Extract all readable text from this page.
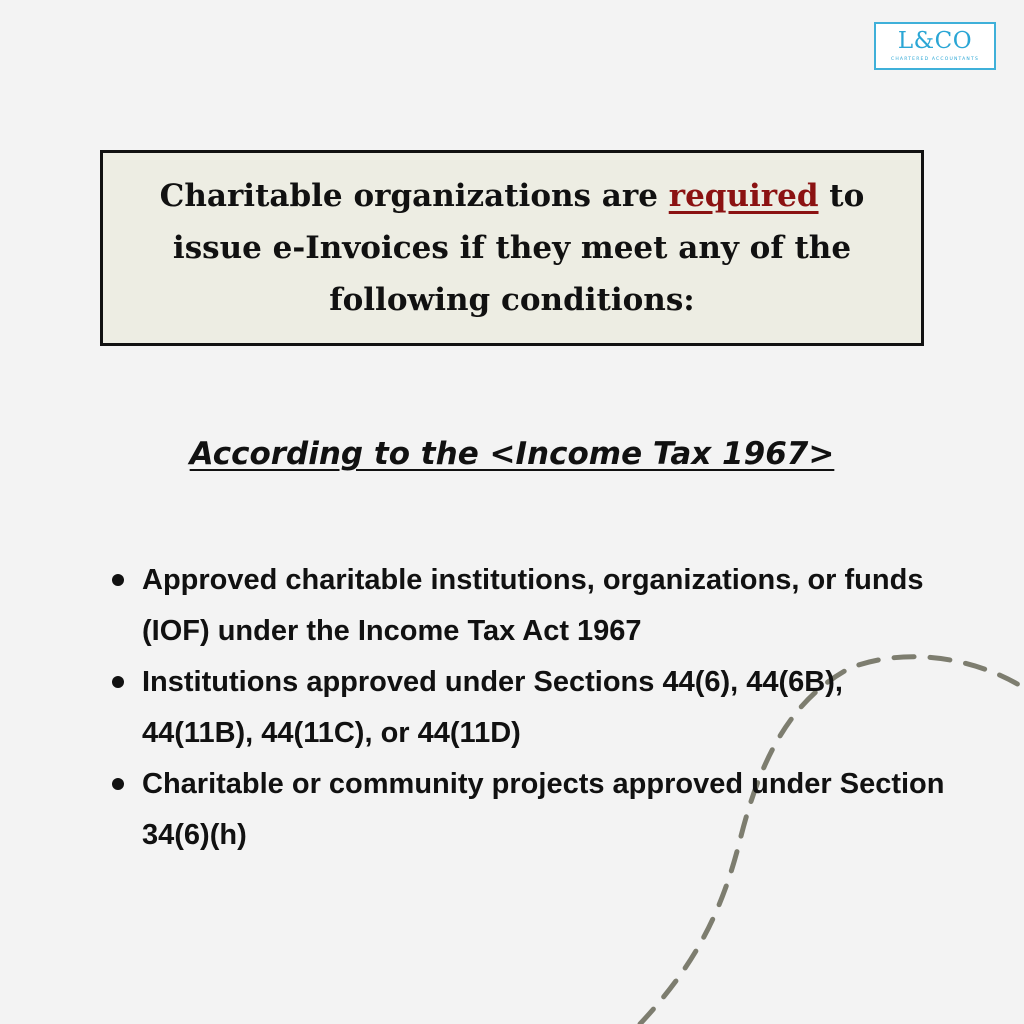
L&CO
CHARTERED ACCOUNTANTS

Charitable organizations are required to issue e-Invoices if they meet any of the following conditions:

According to the <Income Tax 1967>
Approved charitable institutions, organizations, or funds (IOF) under the Income Tax Act 1967
Institutions approved under Sections 44(6), 44(6B), 44(11B), 44(11C), or 44(11D)
Charitable or community projects approved under Section 34(6)(h)
